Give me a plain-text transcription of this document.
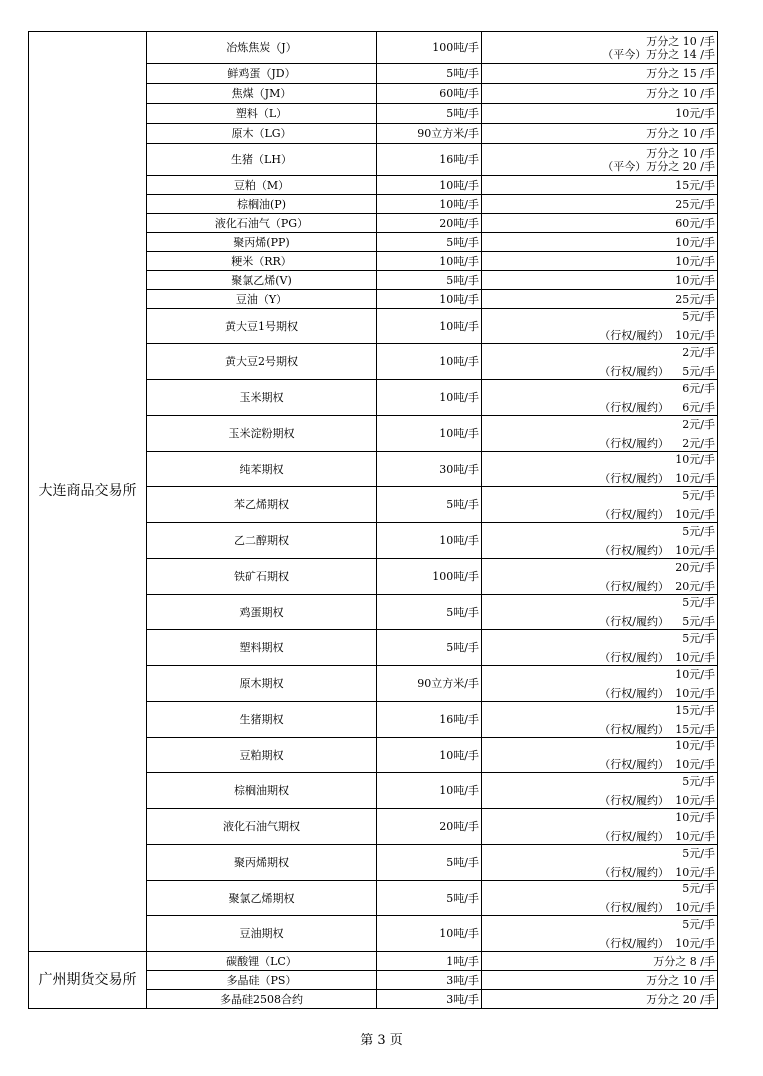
大连商品交易所	冶炼焦炭（J）	100吨/手	万分之 10 /手
（平今）万分之 14 /手

	鲜鸡蛋（JD）	5吨/手	万分之 15 /手
	焦煤（JM）	60吨/手	万分之 10 /手
	塑料（L）	5吨/手	10元/手
	原木（LG）	90立方米/手	万分之 10 /手
	生猪（LH）	16吨/手	万分之 10 /手
（平今）万分之 20 /手

	豆粕（M）	10吨/手	15元/手
	棕榈油(P)	10吨/手	25元/手
	液化石油气（PG）	20吨/手	60元/手
	聚丙烯(PP)	5吨/手	10元/手
	粳米（RR）	10吨/手	10元/手
	聚氯乙烯(V)	5吨/手	10元/手
	豆油（Y）	10吨/手	25元/手
	黄大豆1号期权	10吨/手	5元/手
（行权/履约） 10元/手

	黄大豆2号期权	10吨/手	2元/手
（行权/履约） 5元/手

	玉米期权	10吨/手	6元/手
（行权/履约） 6元/手

	玉米淀粉期权	10吨/手	2元/手
（行权/履约） 2元/手

	纯苯期权	30吨/手	10元/手
（行权/履约） 10元/手

	苯乙烯期权	5吨/手	5元/手
（行权/履约） 10元/手

	乙二醇期权	10吨/手	5元/手
（行权/履约） 10元/手

	铁矿石期权	100吨/手	20元/手
（行权/履约） 20元/手

	鸡蛋期权	5吨/手	5元/手
（行权/履约） 5元/手

	塑料期权	5吨/手	5元/手
（行权/履约） 10元/手

	原木期权	90立方米/手	10元/手
（行权/履约） 10元/手

	生猪期权	16吨/手	15元/手
（行权/履约） 15元/手

	豆粕期权	10吨/手	10元/手
（行权/履约） 10元/手

	棕榈油期权	10吨/手	5元/手
（行权/履约） 10元/手

	液化石油气期权	20吨/手	10元/手
（行权/履约） 10元/手

	聚丙烯期权	5吨/手	5元/手
（行权/履约） 10元/手

	聚氯乙烯期权	5吨/手	5元/手
（行权/履约） 10元/手

	豆油期权	10吨/手	5元/手
（行权/履约） 10元/手

广州期货交易所	碳酸锂（LC）	1吨/手	万分之 8 /手
	多晶硅（PS）	3吨/手	万分之 10 /手
	多晶硅2508合约	3吨/手	万分之 20 /手
第 3 页
